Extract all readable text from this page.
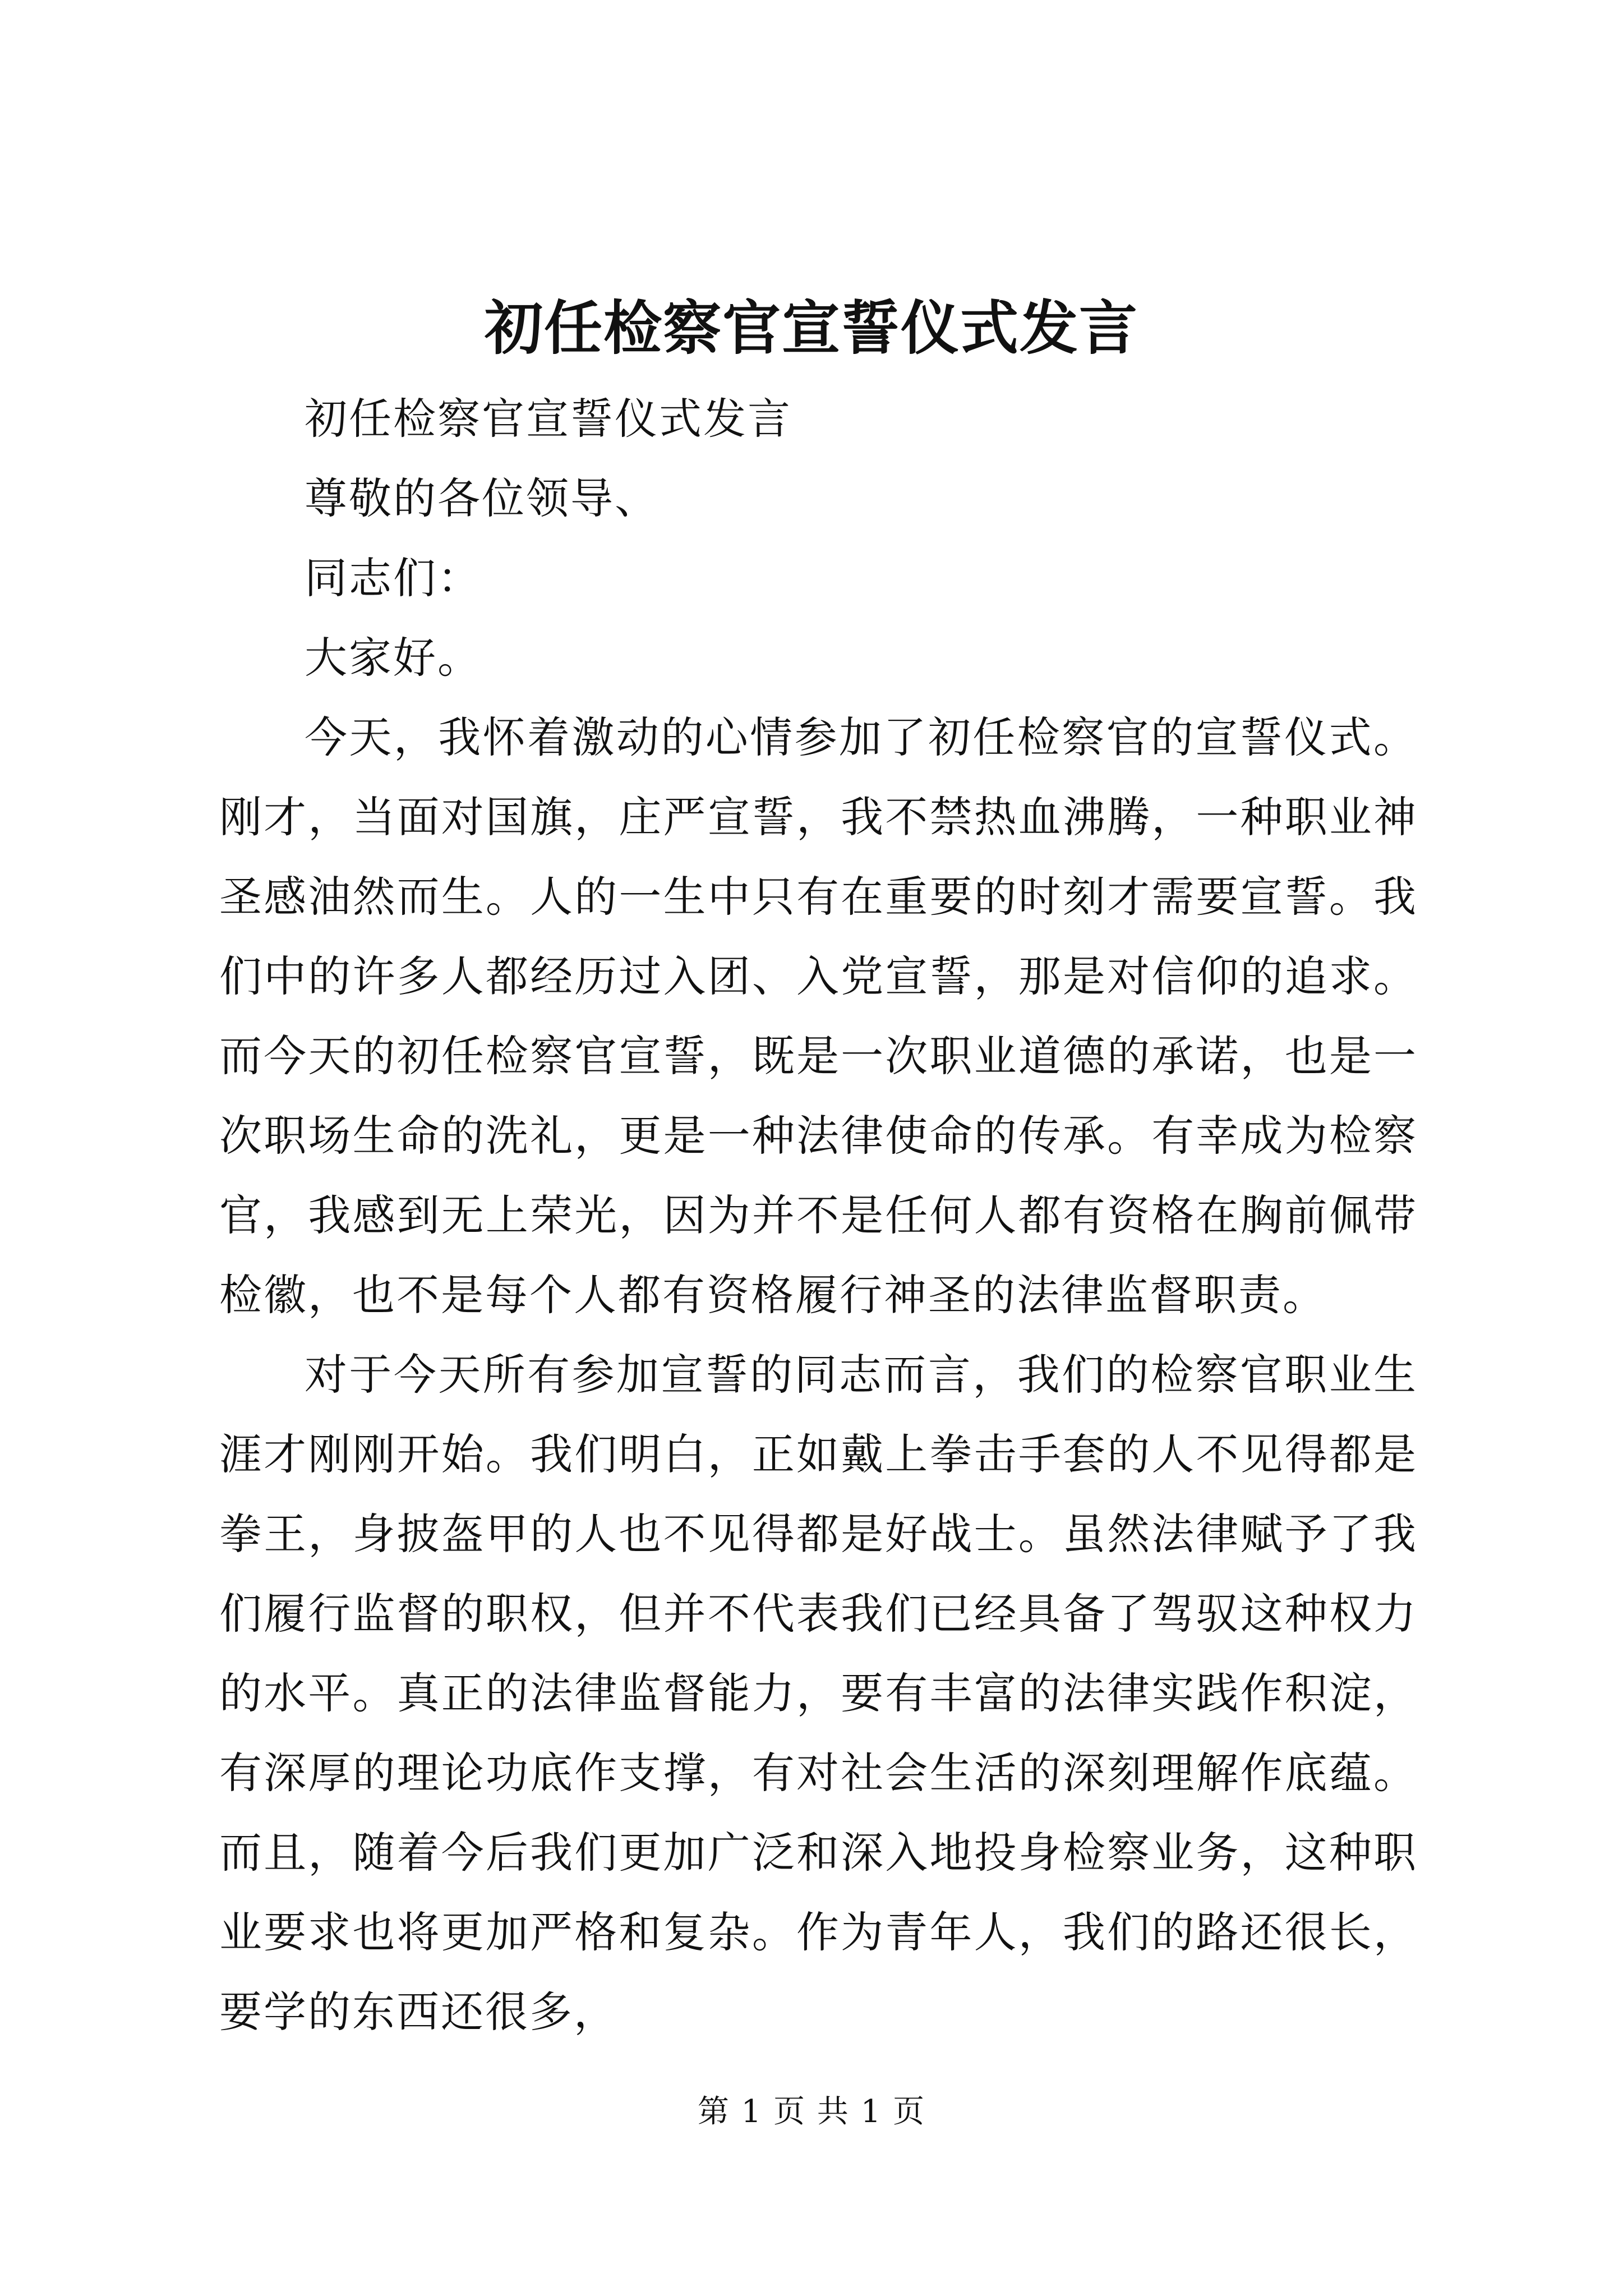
初任检察官宣誓仪式发言

初任检察官宣誓仪式发言

尊敬的各位领导、

同志们：

大家好。

今天，我怀着激动的心情参加了初任检察官的宣誓仪式。刚才，当面对国旗，庄严宣誓，我不禁热血沸腾，一种职业神圣感油然而生。人的一生中只有在重要的时刻才需要宣誓。我们中的许多人都经历过入团、入党宣誓，那是对信仰的追求。而今天的初任检察官宣誓，既是一次职业道德的承诺，也是一次职场生命的洗礼，更是一种法律使命的传承。有幸成为检察官，我感到无上荣光，因为并不是任何人都有资格在胸前佩带检徽，也不是每个人都有资格履行神圣的法律监督职责。

对于今天所有参加宣誓的同志而言，我们的检察官职业生涯才刚刚开始。我们明白，正如戴上拳击手套的人不见得都是拳王，身披盔甲的人也不见得都是好战士。虽然法律赋予了我们履行监督的职权，但并不代表我们已经具备了驾驭这种权力的水平。真正的法律监督能力，要有丰富的法律实践作积淀，有深厚的理论功底作支撑，有对社会生活的深刻理解作底蕴。而且，随着今后我们更加广泛和深入地投身检察业务，这种职业要求也将更加严格和复杂。作为青年人，我们的路还很长，要学的东西还很多，

第 1 页 共 1 页
